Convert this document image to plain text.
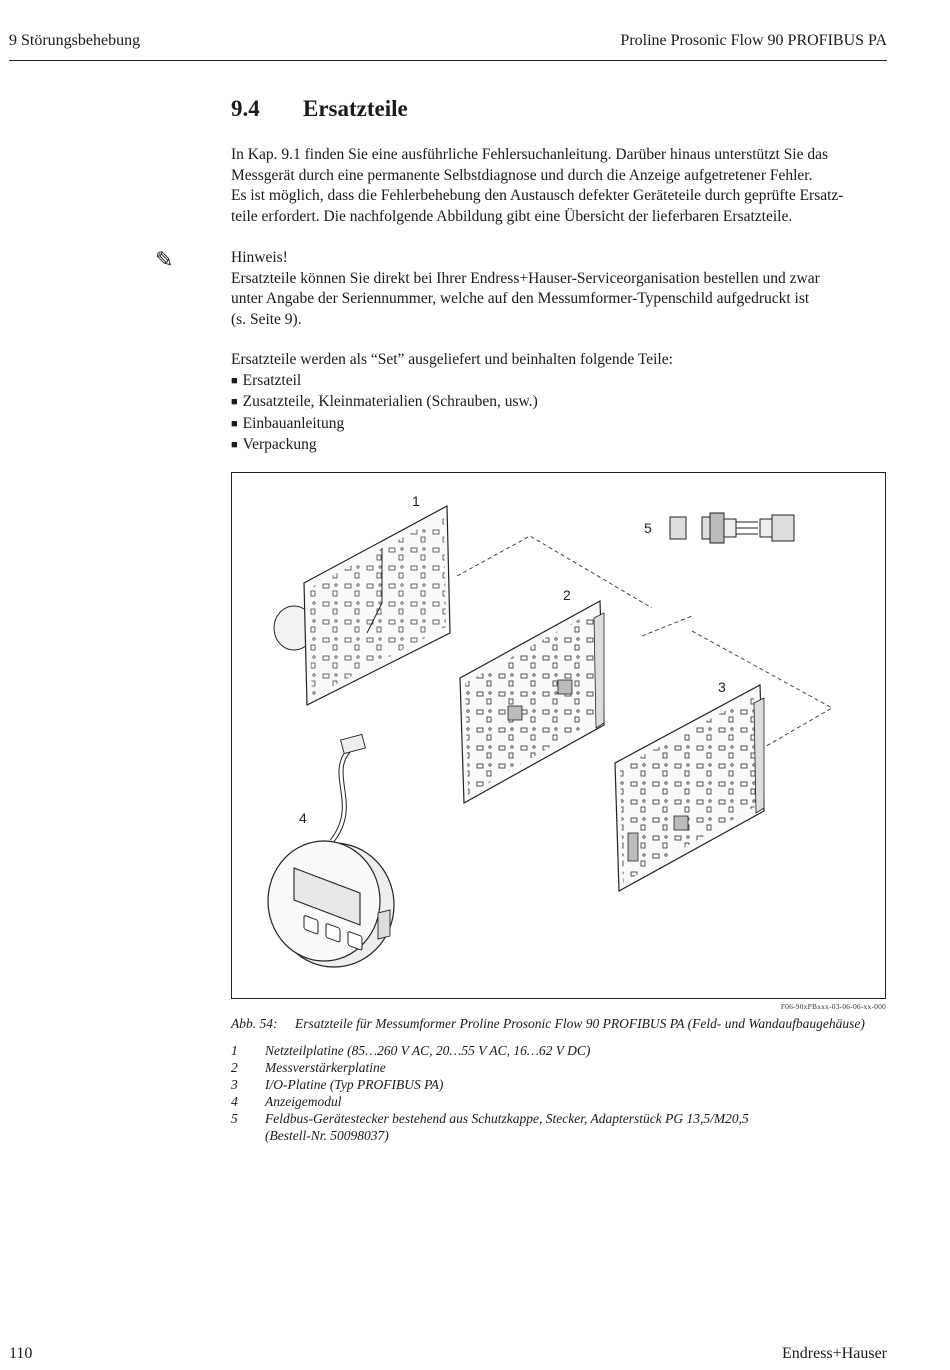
9 Störungsbehebung	Proline Prosonic Flow 90 PROFIBUS PA
9.4 Ersatzteile
In Kap. 9.1 finden Sie eine ausführliche Fehlersuchanleitung. Darüber hinaus unterstützt Sie das
Messgerät durch eine permanente Selbstdiagnose und durch die Anzeige aufgetretener Fehler.
Es ist möglich, dass die Fehlerbehebung den Austausch defekter Geräteteile durch geprüfte Ersatz-
teile erfordert. Die nachfolgende Abbildung gibt eine Übersicht der lieferbaren Ersatzteile.
✎	Hinweis!
Ersatzteile können Sie direkt bei Ihrer Endress+Hauser-Serviceorganisation bestellen und zwar
unter Angabe der Seriennummer, welche auf den Messumformer-Typenschild aufgedruckt ist
(s. Seite 9).
Ersatzteile werden als “Set” ausgeliefert und beinhalten folgende Teile:
■ Ersatzteil
■ Zusatzteile, Kleinmaterialien (Schrauben, usw.)
■ Einbauanleitung
■ Verpackung
1
2
3
4
5
F06-90xPBxxx-03-06-06-xx-000
Abb. 54: Ersatzteile für Messumformer Proline Prosonic Flow 90 PROFIBUS PA (Feld- und Wandaufbaugehäuse)
1	Netzteilplatine (85…260 V AC, 20…55 V AC, 16…62 V DC)
2	Messverstärkerplatine
3	I/O-Platine (Typ PROFIBUS PA)
4	Anzeigemodul
5	Feldbus-Gerätestecker bestehend aus Schutzkappe, Stecker, Adapterstück PG 13,5/M20,5
(Bestell-Nr. 50098037)
110	Endress+Hauser
